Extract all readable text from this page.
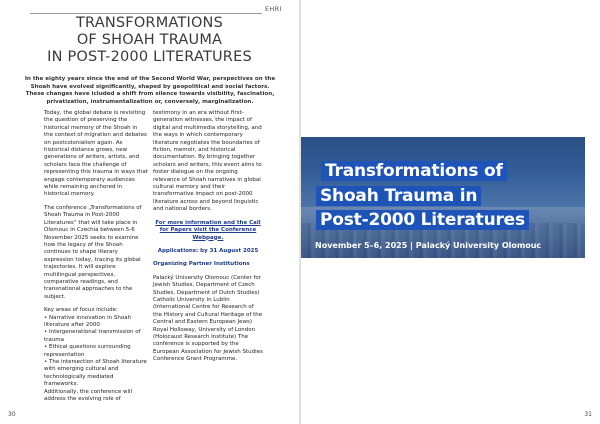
EHRI
TRANSFORMATIONS
OF SHOAH TRAUMA
IN POST-2000 LITERATURES
In the eighty years since the end of the Second World War, perspectives on the Shoah have evolved significantly, shaped by geopolitical and social factors. These changes have icluded a shift from silence towards visibility, fascination, privatization, instrumentalization or, conversely, marginalization.

Today, the global debate is revisiting the question of preserving the historical memory of the Shoah in the context of migration and debates on postcolonialism again. As historical distance grows, new generations of writers, artists, and scholars face the challenge of representing this trauma in ways that engage contemporary audiences while remaining anchored in historical memory.

The conference „Transformations of Shoah Trauma in Post-2000 Literatures“ that will take place in Olomouc in Czechia between 5-6 November 2025 seeks to examine how the legacy of the Shoah continues to shape literary expression today, tracing its global trajectories. It will explore multilingual perspectives, comparative readings, and transnational approaches to the subject.

Key areas of focus include:
• Narrative innovation in Shoah literature after 2000
• Intergenerational transmission of trauma
• Ethical questions surrounding representation
• The intersection of Shoah literature with emerging cultural and technologically mediated frameworks.
Additionally, the conference will address the evolving role of

testimony in an era without first-generation witnesses, the impact of digital and multimedia storytelling, and the ways in which contemporary literature negotiates the boundaries of fiction, memoir, and historical documentation. By bringing together scholars and writers, this event aims to foster dialogue on the ongoing relevance of Shoah narratives in global cultural memory and their transformative impact on post-2000 literature across and beyond linguistic and national borders.

For more information and the Call for Papers visit the Conference Webpage.

Applications: by 31 August 2025

Organizing Partner Institutions

Palacký University Olomouc (Center for Jewish Studies, Department of Czech Studies, Department of Dutch Studies) Catholic University in Lublin (International Centre for Research of the History and Cultural Heritage of the Central and Eastern European Jews) Royal Holloway, University of London (Holocaust Research Institute) The conference is supported by the European Association for Jewish Studies Conference Grant Programme.

Invitation to the International Academic Conference
Transformations of
Shoah Trauma in
Post-2000 Literatures
November 5–6, 2025 | Palacký University Olomouc
30	31
